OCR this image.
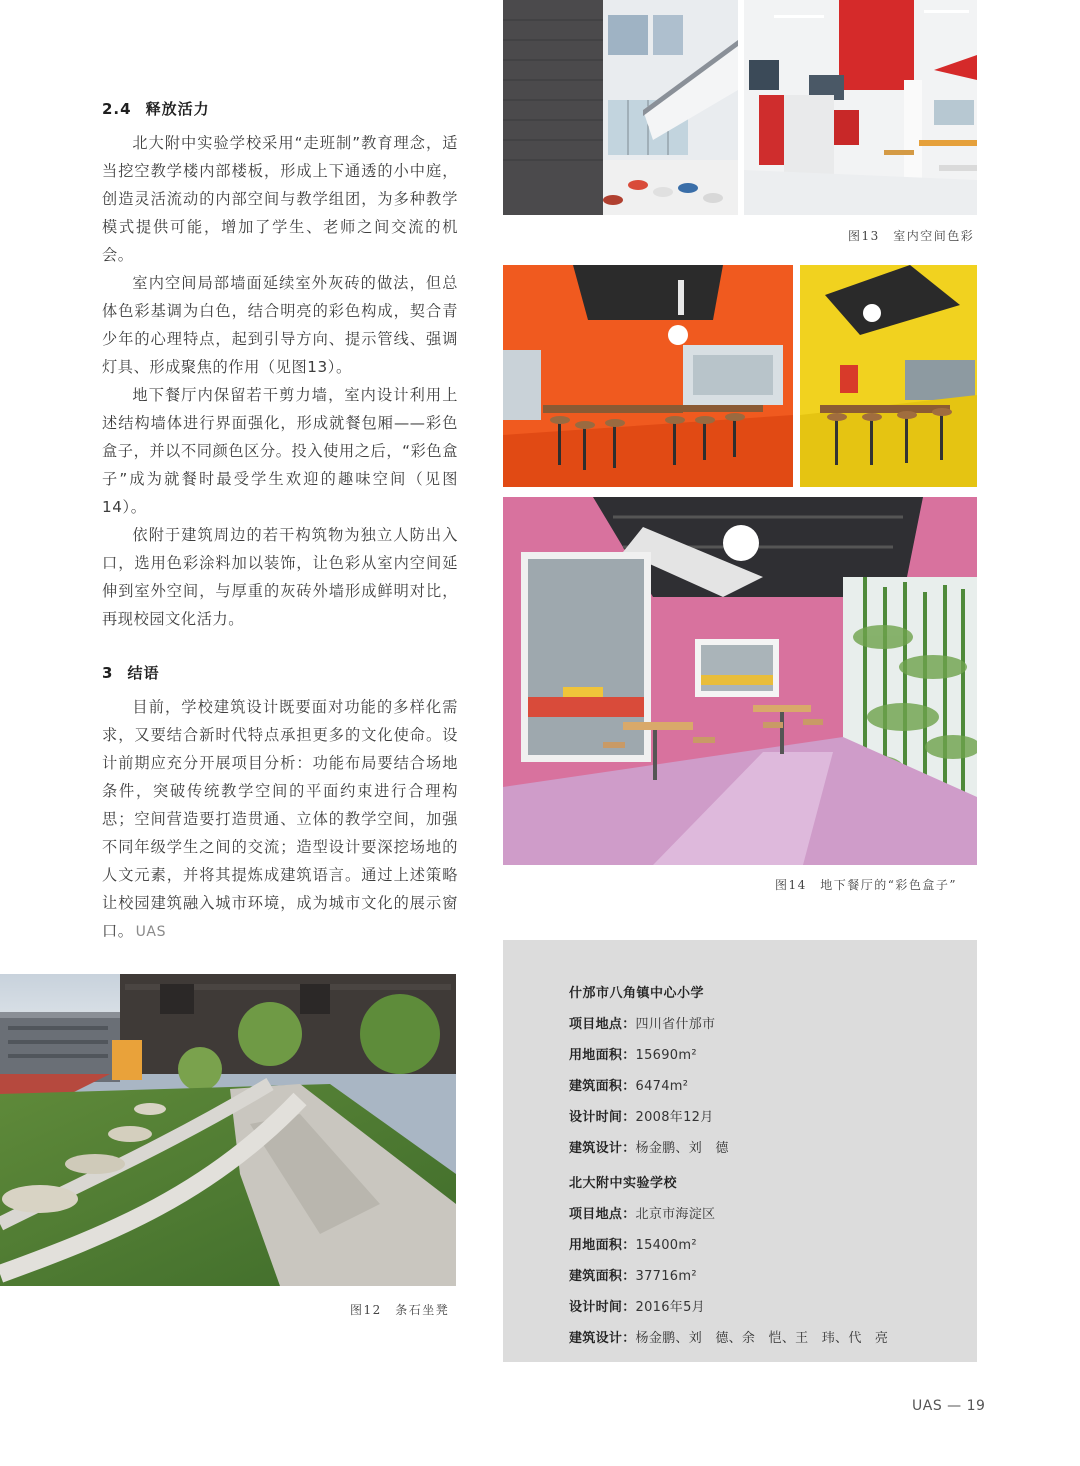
2.4 释放活力

北大附中实验学校采用“走班制”教育理念，适当挖空教学楼内部楼板，形成上下通透的小中庭，创造灵活流动的内部空间与教学组团，为多种教学模式提供可能，增加了学生、老师之间交流的机会。

室内空间局部墙面延续室外灰砖的做法，但总体色彩基调为白色，结合明亮的彩色构成，契合青少年的心理特点，起到引导方向、提示管线、强调灯具、形成聚焦的作用（见图13）。

地下餐厅内保留若干剪力墙，室内设计利用上述结构墙体进行界面强化，形成就餐包厢——彩色盒子，并以不同颜色区分。投入使用之后，“彩色盒子”成为就餐时最受学生欢迎的趣味空间（见图14）。

依附于建筑周边的若干构筑物为独立人防出入口，选用色彩涂料加以装饰，让色彩从室内空间延伸到室外空间，与厚重的灰砖外墙形成鲜明对比，再现校园文化活力。

3 结语

目前，学校建筑设计既要面对功能的多样化需求，又要结合新时代特点承担更多的文化使命。设计前期应充分开展项目分析：功能布局要结合场地条件，突破传统教学空间的平面约束进行合理构思；空间营造要打造贯通、立体的教学空间，加强不同年级学生之间的交流；造型设计要深挖场地的人文元素，并将其提炼成建筑语言。通过上述策略让校园建筑融入城市环境，成为城市文化的展示窗口。 UAS

图12　条石坐凳
图13　室内空间色彩
图14　地下餐厅的“彩色盒子”
什邡市八角镇中心小学
项目地点：四川省什邡市
用地面积：15690m²
建筑面积：6474m²
设计时间：2008年12月
建筑设计：杨金鹏、刘　德
北大附中实验学校
项目地点：北京市海淀区
用地面积：15400m²
建筑面积：37716m²
设计时间：2016年5月
建筑设计：杨金鹏、刘　德、余　恺、王　玮、代　亮
UAS — 19
